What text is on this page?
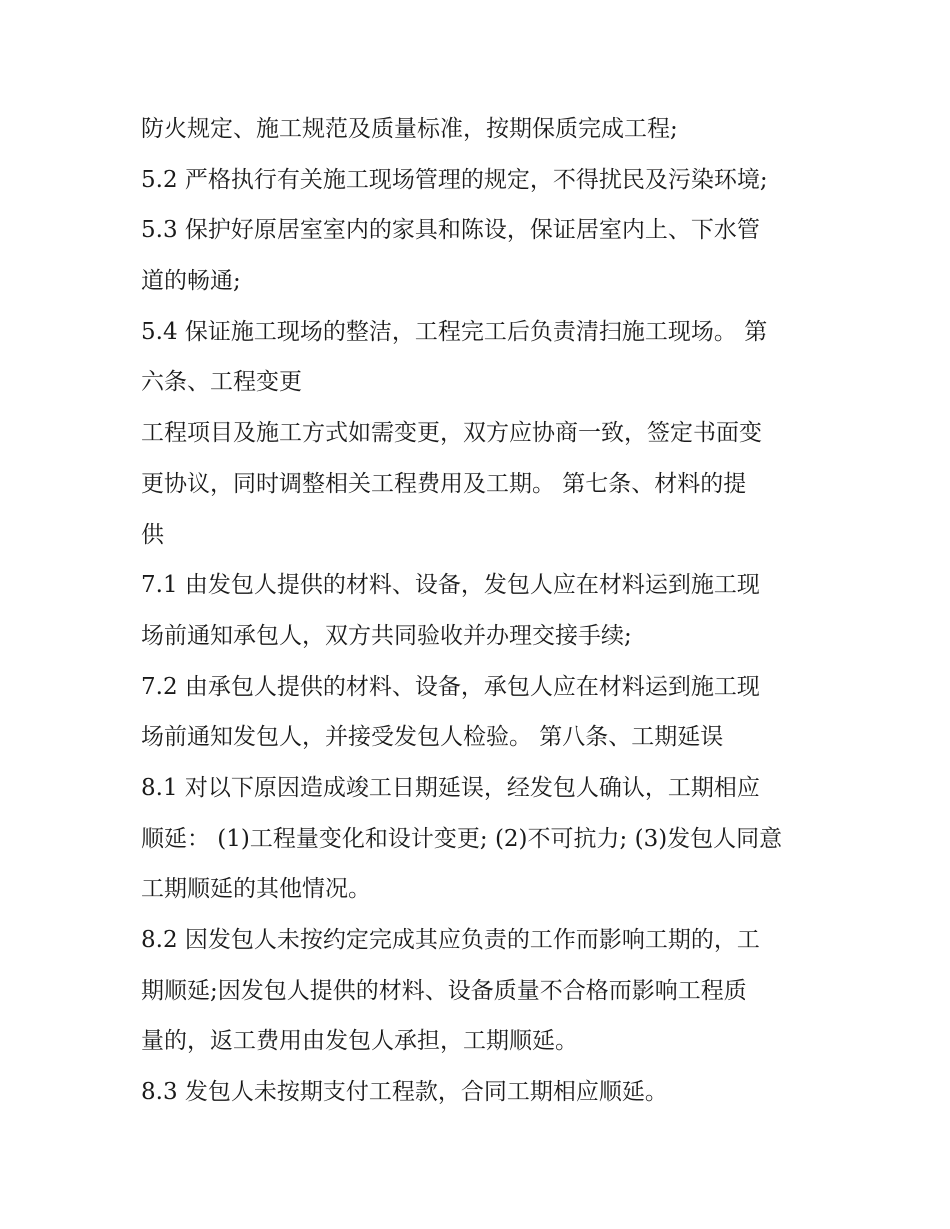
防火规定、施工规范及质量标准，按期保质完成工程;
5.2 严格执行有关施工现场管理的规定，不得扰民及污染环境;
5.3 保护好原居室室内的家具和陈设，保证居室内上、下水管
道的畅通;
5.4 保证施工现场的整洁，工程完工后负责清扫施工现场。 第
六条、工程变更
工程项目及施工方式如需变更，双方应协商一致，签定书面变
更协议，同时调整相关工程费用及工期。 第七条、材料的提
供
7.1 由发包人提供的材料、设备，发包人应在材料运到施工现
场前通知承包人，双方共同验收并办理交接手续;
7.2 由承包人提供的材料、设备，承包人应在材料运到施工现
场前通知发包人，并接受发包人检验。 第八条、工期延误
8.1 对以下原因造成竣工日期延误，经发包人确认，工期相应
顺延： (1)工程量变化和设计变更; (2)不可抗力; (3)发包人同意
工期顺延的其他情况。
8.2 因发包人未按约定完成其应负责的工作而影响工期的，工
期顺延;因发包人提供的材料、设备质量不合格而影响工程质
量的，返工费用由发包人承担，工期顺延。
8.3 发包人未按期支付工程款，合同工期相应顺延。
